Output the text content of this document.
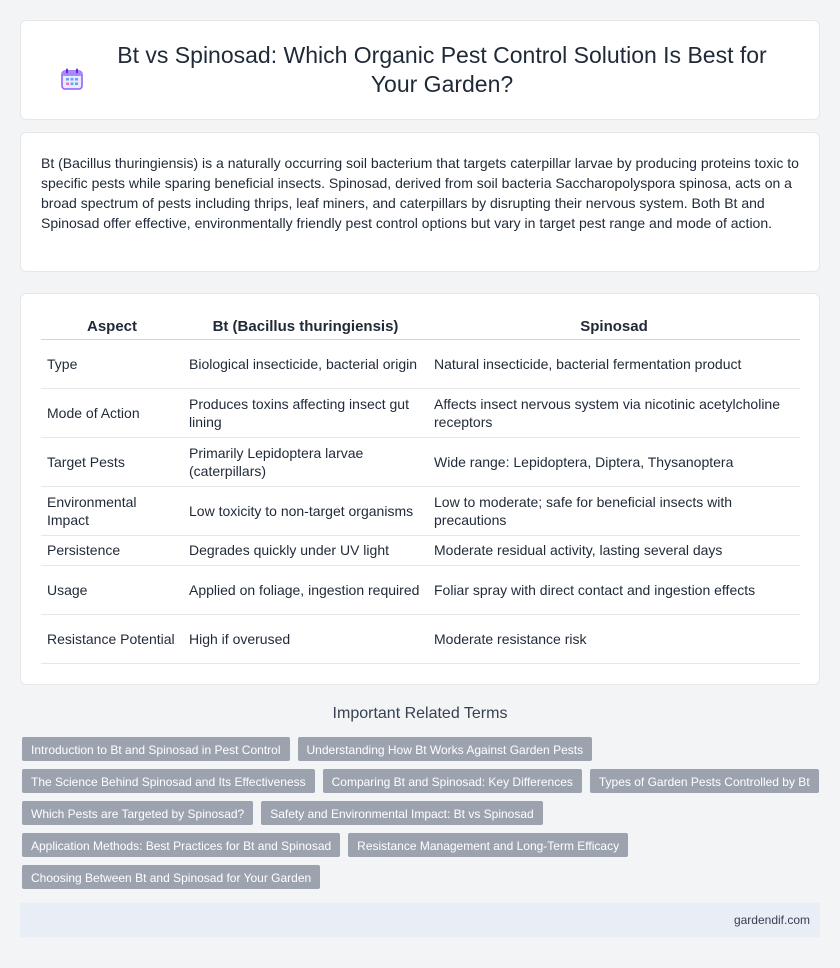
Bt vs Spinosad: Which Organic Pest Control Solution Is Best for Your Garden?

Bt (Bacillus thuringiensis) is a naturally occurring soil bacterium that targets caterpillar larvae by producing proteins toxic to specific pests while sparing beneficial insects. Spinosad, derived from soil bacteria Saccharopolyspora spinosa, acts on a broad spectrum of pests including thrips, leaf miners, and caterpillars by disrupting their nervous system. Both Bt and Spinosad offer effective, environmentally friendly pest control options but vary in target pest range and mode of action.

Aspect	Bt (Bacillus thuringiensis)	Spinosad
Type	Biological insecticide, bacterial origin	Natural insecticide, bacterial fermentation product
Mode of Action	Produces toxins affecting insect gut lining	Affects insect nervous system via nicotinic acetylcholine receptors
Target Pests	Primarily Lepidoptera larvae (caterpillars)	Wide range: Lepidoptera, Diptera, Thysanoptera
Environmental Impact	Low toxicity to non-target organisms	Low to moderate; safe for beneficial insects with precautions
Persistence	Degrades quickly under UV light	Moderate residual activity, lasting several days
Usage	Applied on foliage, ingestion required	Foliar spray with direct contact and ingestion effects
Resistance Potential	High if overused	Moderate resistance risk
Important Related Terms
Introduction to Bt and Spinosad in Pest Control	Understanding How Bt Works Against Garden Pests
The Science Behind Spinosad and Its Effectiveness	Comparing Bt and Spinosad: Key Differences	Types of Garden Pests Controlled by Bt
Which Pests are Targeted by Spinosad?	Safety and Environmental Impact: Bt vs Spinosad
Application Methods: Best Practices for Bt and Spinosad	Resistance Management and Long-Term Efficacy
Choosing Between Bt and Spinosad for Your Garden
gardendif.com
